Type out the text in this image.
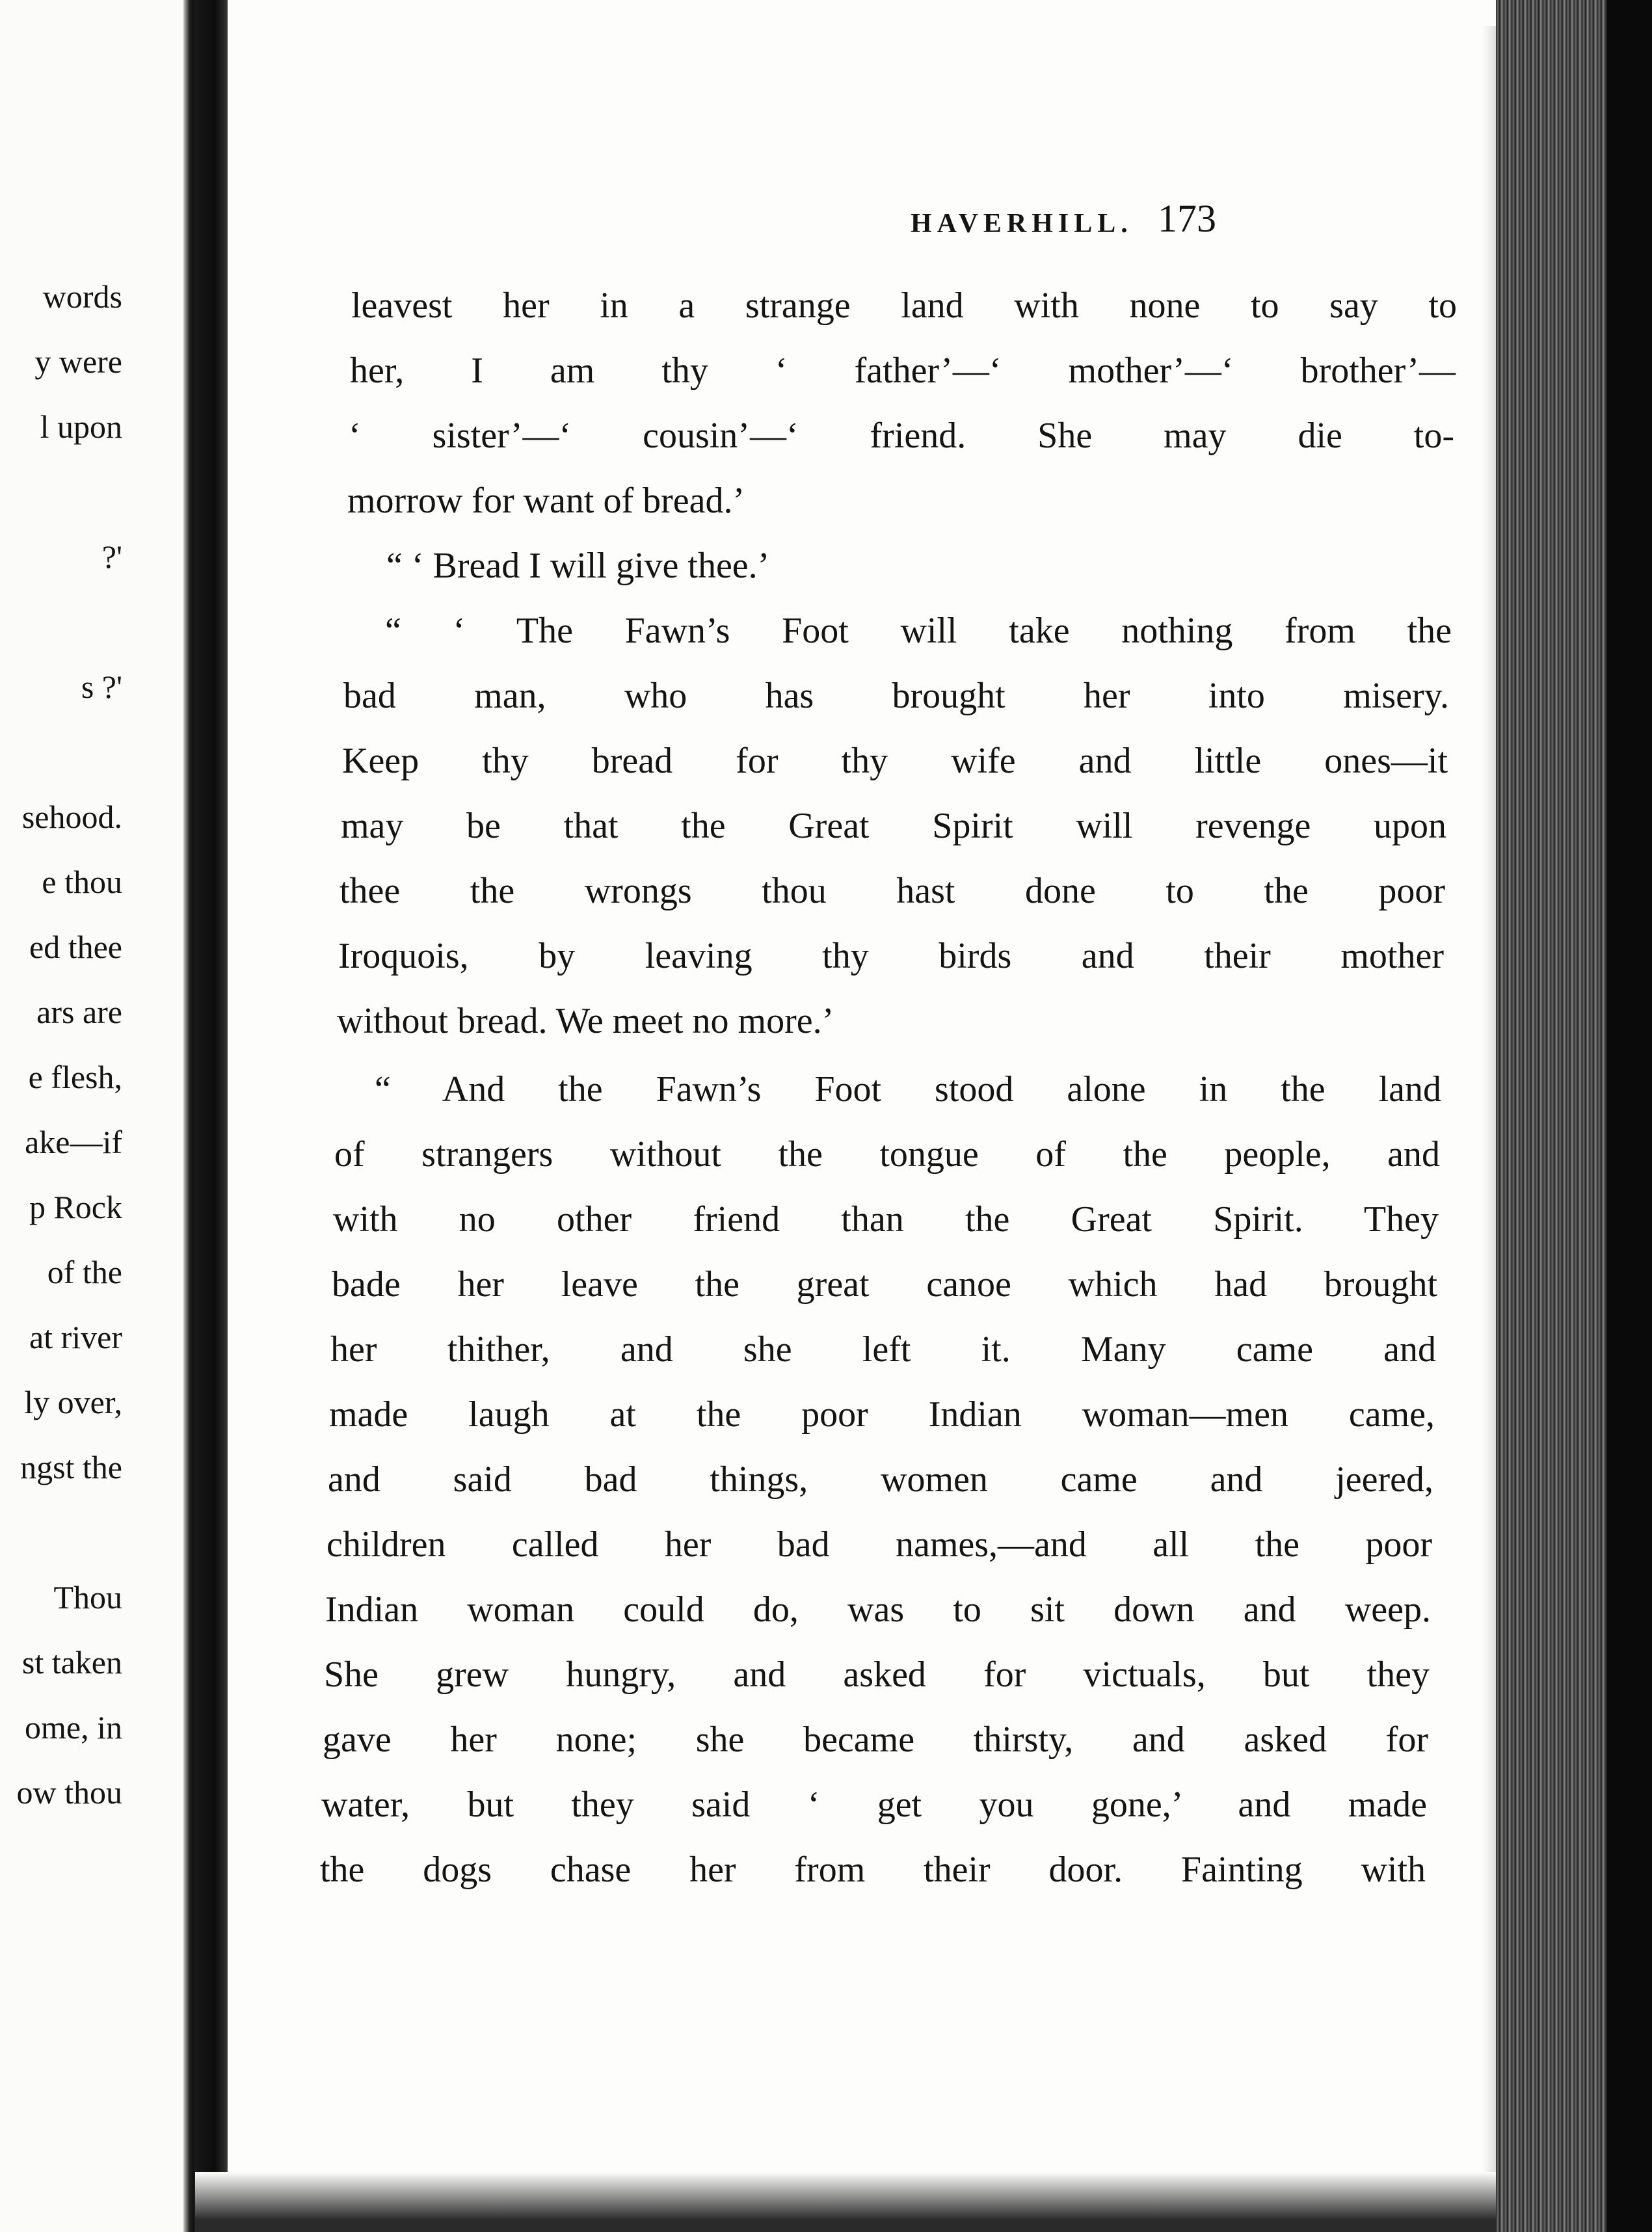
words
y were
l upon
?'
s ?'
sehood.
e thou
ed thee
ars are
e flesh,
ake—if
p Rock
of the
at river
ly over,
ngst the
Thou
st taken
ome, in
ow thou
HAVERHILL. 173
leavest her in a strange land with none to say to
her, I am thy ‘ father’—‘ mother’—‘ brother’—
‘ sister’—‘ cousin’—‘ friend. She may die to-
morrow for want of bread.’
“ ‘ Bread I will give thee.’
“ ‘ The Fawn’s Foot will take nothing from the
bad man, who has brought her into misery.
Keep thy bread for thy wife and little ones—it
may be that the Great Spirit will revenge upon
thee the wrongs thou hast done to the poor
Iroquois, by leaving thy birds and their mother
without bread. We meet no more.’
“ And the Fawn’s Foot stood alone in the land
of strangers without the tongue of the people, and
with no other friend than the Great Spirit. They
bade her leave the great canoe which had brought
her thither, and she left it. Many came and
made laugh at the poor Indian woman—men came,
and said bad things, women came and jeered,
children called her bad names,—and all the poor
Indian woman could do, was to sit down and weep.
She grew hungry, and asked for victuals, but they
gave her none; she became thirsty, and asked for
water, but they said ‘ get you gone,’ and made
the dogs chase her from their door. Fainting with
